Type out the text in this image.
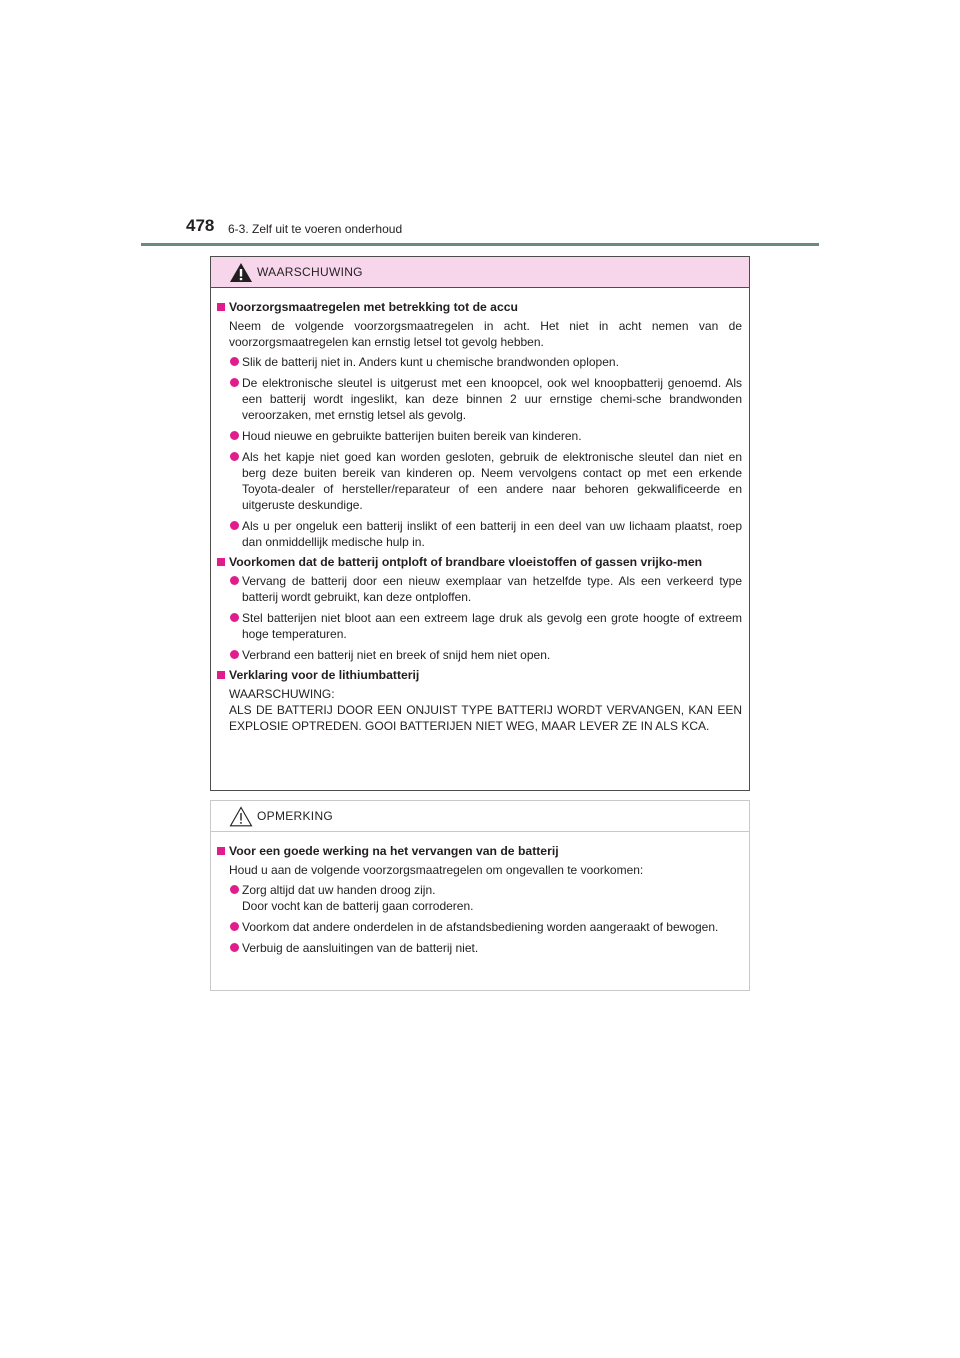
478 6-3. Zelf uit te voeren onderhoud
WAARSCHUWING
Voorzorgsmaatregelen met betrekking tot de accu
Neem de volgende voorzorgsmaatregelen in acht. Het niet in acht nemen van de voorzorgsmaatregelen kan ernstig letsel tot gevolg hebben.
Slik de batterij niet in. Anders kunt u chemische brandwonden oplopen.
De elektronische sleutel is uitgerust met een knoopcel, ook wel knoopbatterij genoemd. Als een batterij wordt ingeslikt, kan deze binnen 2 uur ernstige chemi-sche brandwonden veroorzaken, met ernstig letsel als gevolg.
Houd nieuwe en gebruikte batterijen buiten bereik van kinderen.
Als het kapje niet goed kan worden gesloten, gebruik de elektronische sleutel dan niet en berg deze buiten bereik van kinderen op. Neem vervolgens contact op met een erkende Toyota-dealer of hersteller/reparateur of een andere naar behoren gekwalificeerde en uitgeruste deskundige.
Als u per ongeluk een batterij inslikt of een batterij in een deel van uw lichaam plaatst, roep dan onmiddellijk medische hulp in.
Voorkomen dat de batterij ontploft of brandbare vloeistoffen of gassen vrijko-men
Vervang de batterij door een nieuw exemplaar van hetzelfde type. Als een verkeerd type batterij wordt gebruikt, kan deze ontploffen.
Stel batterijen niet bloot aan een extreem lage druk als gevolg een grote hoogte of extreem hoge temperaturen.
Verbrand een batterij niet en breek of snijd hem niet open.
Verklaring voor de lithiumbatterij
WAARSCHUWING:
ALS DE BATTERIJ DOOR EEN ONJUIST TYPE BATTERIJ WORDT VERVANGEN, KAN EEN EXPLOSIE OPTREDEN. GOOI BATTERIJEN NIET WEG, MAAR LEVER ZE IN ALS KCA.
OPMERKING
Voor een goede werking na het vervangen van de batterij
Houd u aan de volgende voorzorgsmaatregelen om ongevallen te voorkomen:
Zorg altijd dat uw handen droog zijn.
Door vocht kan de batterij gaan corroderen.
Voorkom dat andere onderdelen in de afstandsbediening worden aangeraakt of bewogen.
Verbuig de aansluitingen van de batterij niet.
